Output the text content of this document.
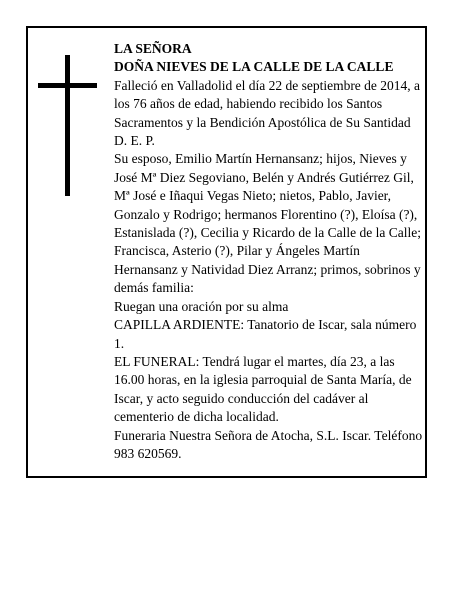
LA SEÑORA

DOÑA NIEVES DE LA CALLE DE LA CALLE

Falleció en Valladolid el día 22 de septiembre de 2014, a los 76 años de edad, habiendo recibido los Santos Sacramentos y la Bendición Apostólica de Su Santidad D. E. P.

Su esposo, Emilio Martín Hernansanz; hijos, Nieves y José Mª Diez Segoviano, Belén y Andrés Gutiérrez Gil, Mª José e Iñaqui Vegas Nieto; nietos, Pablo, Javier, Gonzalo y Rodrigo; hermanos Florentino (?), Eloísa (?), Estanislada (?), Cecilia y Ricardo de la Calle de la Calle; Francisca, Asterio (?), Pilar y Ángeles Martín Hernansanz y Natividad Diez Arranz; primos, sobrinos y demás familia:

Ruegan una oración por su alma

CAPILLA ARDIENTE: Tanatorio de Iscar, sala número 1.

EL FUNERAL: Tendrá lugar el martes, día 23, a las 16.00 horas, en la iglesia parroquial de Santa María, de Iscar, y acto seguido conducción del cadáver al cementerio de dicha localidad.

Funeraria Nuestra Señora de Atocha, S.L. Iscar. Teléfono 983 620569.
